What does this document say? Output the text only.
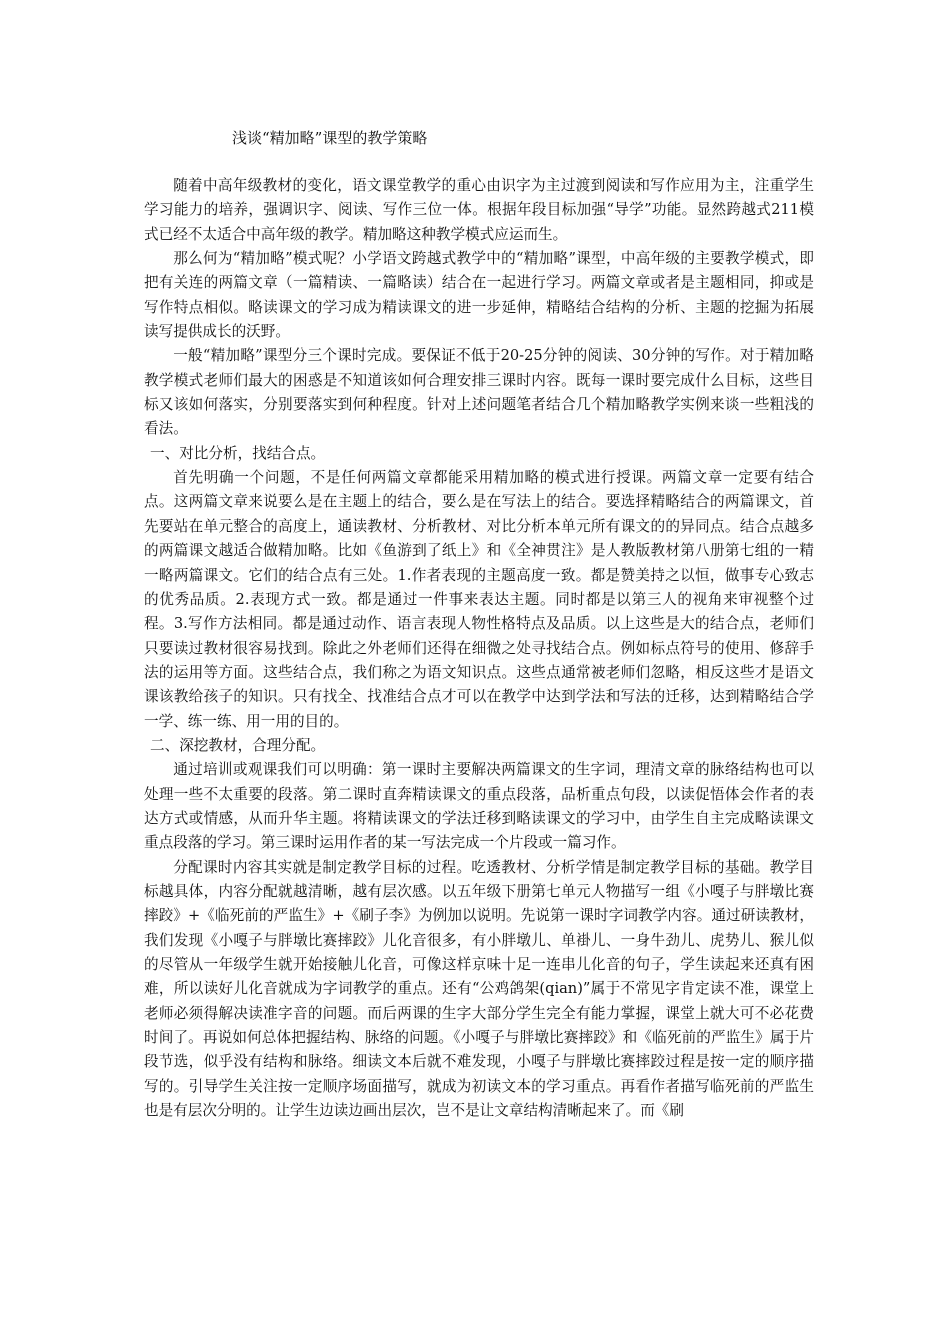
浅谈“精加略”课型的教学策略

随着中高年级教材的变化，语文课堂教学的重心由识字为主过渡到阅读和写作应用为主，注重学生学习能力的培养，强调识字、阅读、写作三位一体。根据年段目标加强“导学”功能。显然跨越式211模式已经不太适合中高年级的教学。精加略这种教学模式应运而生。

那么何为“精加略”模式呢？小学语文跨越式教学中的“精加略”课型，中高年级的主要教学模式，即把有关连的两篇文章（一篇精读、一篇略读）结合在一起进行学习。两篇文章或者是主题相同，抑或是写作特点相似。略读课文的学习成为精读课文的进一步延伸，精略结合结构的分析、主题的挖掘为拓展读写提供成长的沃野。

一般“精加略”课型分三个课时完成。要保证不低于20-25分钟的阅读、30分钟的写作。对于精加略教学模式老师们最大的困惑是不知道该如何合理安排三课时内容。既每一课时要完成什么目标，这些目标又该如何落实，分别要落实到何种程度。针对上述问题笔者结合几个精加略教学实例来谈一些粗浅的看法。

一、对比分析，找结合点。

首先明确一个问题，不是任何两篇文章都能采用精加略的模式进行授课。两篇文章一定要有结合点。这两篇文章来说要么是在主题上的结合，要么是在写法上的结合。要选择精略结合的两篇课文，首先要站在单元整合的高度上，通读教材、分析教材、对比分析本单元所有课文的的异同点。结合点越多的两篇课文越适合做精加略。比如《鱼游到了纸上》和《全神贯注》是人教版教材第八册第七组的一精一略两篇课文。它们的结合点有三处。1.作者表现的主题高度一致。都是赞美持之以恒，做事专心致志的优秀品质。2.表现方式一致。都是通过一件事来表达主题。同时都是以第三人的视角来审视整个过程。3.写作方法相同。都是通过动作、语言表现人物性格特点及品质。以上这些是大的结合点，老师们只要读过教材很容易找到。除此之外老师们还得在细微之处寻找结合点。例如标点符号的使用、修辞手法的运用等方面。这些结合点，我们称之为语文知识点。这些点通常被老师们忽略，相反这些才是语文课该教给孩子的知识。只有找全、找准结合点才可以在教学中达到学法和写法的迁移，达到精略结合学一学、练一练、用一用的目的。

二、深挖教材，合理分配。

通过培训或观课我们可以明确：第一课时主要解决两篇课文的生字词，理清文章的脉络结构也可以处理一些不太重要的段落。第二课时直奔精读课文的重点段落，品析重点句段，以读促悟体会作者的表达方式或情感，从而升华主题。将精读课文的学法迁移到略读课文的学习中，由学生自主完成略读课文重点段落的学习。第三课时运用作者的某一写法完成一个片段或一篇习作。

分配课时内容其实就是制定教学目标的过程。吃透教材、分析学情是制定教学目标的基础。教学目标越具体，内容分配就越清晰，越有层次感。以五年级下册第七单元人物描写一组《小嘎子与胖墩比赛摔跤》+《临死前的严监生》+《刷子李》为例加以说明。先说第一课时字词教学内容。通过研读教材，我们发现《小嘎子与胖墩比赛摔跤》儿化音很多，有小胖墩儿、单褂儿、一身牛劲儿、虎势儿、猴儿似的尽管从一年级学生就开始接触儿化音，可像这样京味十足一连串儿化音的句子，学生读起来还真有困难，所以读好儿化音就成为字词教学的重点。还有“公鸡鸽架(qian)”属于不常见字肯定读不准，课堂上老师必须得解决读准字音的问题。而后两课的生字大部分学生完全有能力掌握，课堂上就大可不必花费时间了。再说如何总体把握结构、脉络的问题。《小嘎子与胖墩比赛摔跤》和《临死前的严监生》属于片段节选，似乎没有结构和脉络。细读文本后就不难发现，小嘎子与胖墩比赛摔跤过程是按一定的顺序描写的。引导学生关注按一定顺序场面描写，就成为初读文本的学习重点。再看作者描写临死前的严监生也是有层次分明的。让学生边读边画出层次，岂不是让文章结构清晰起来了。而《刷
